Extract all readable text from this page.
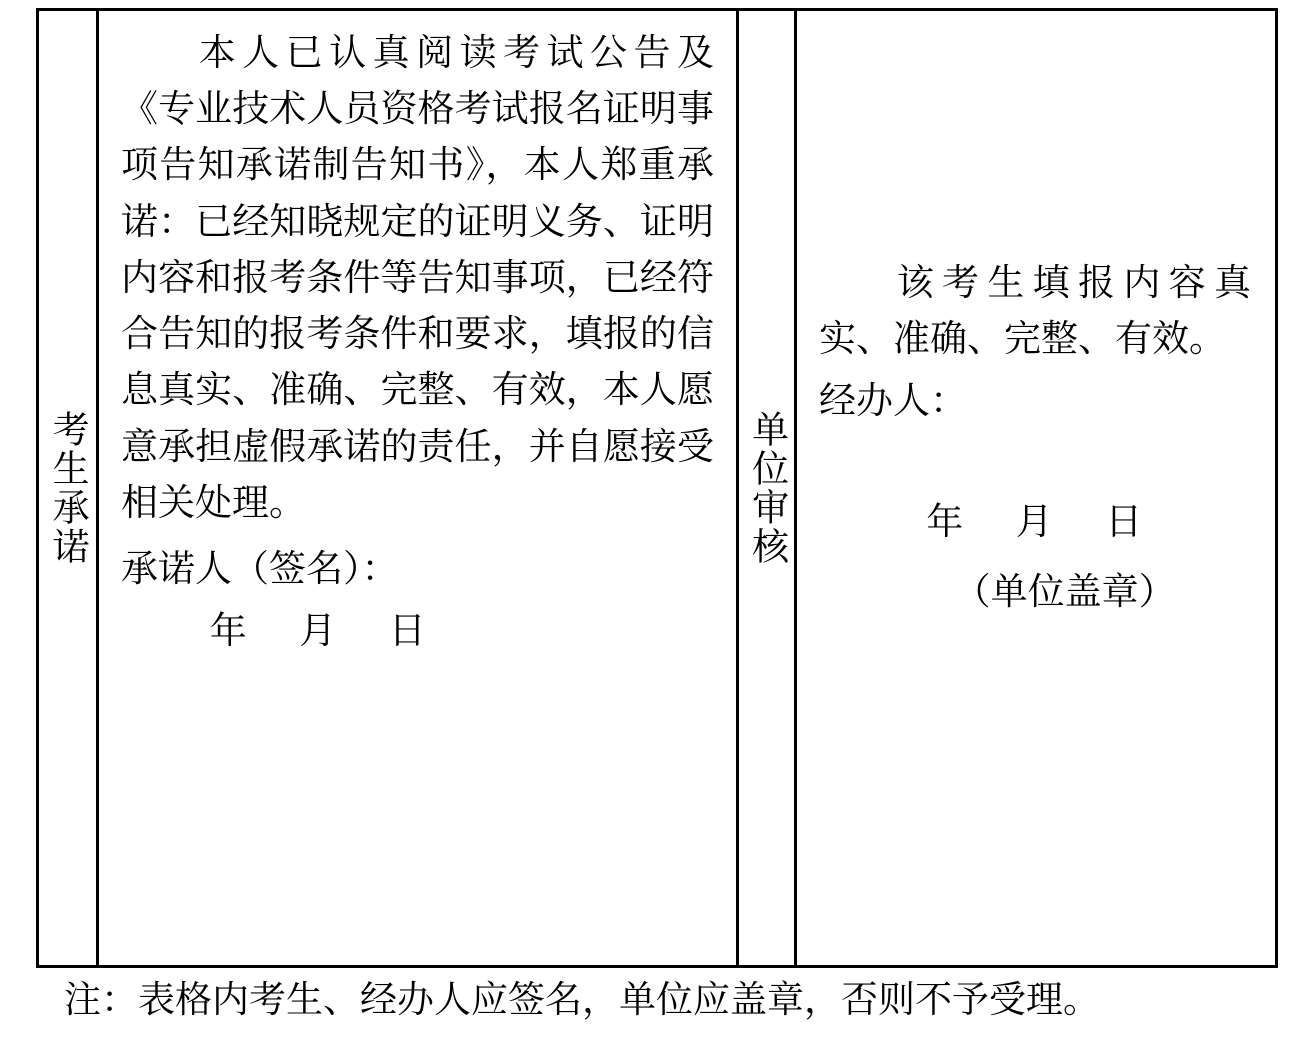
考生承诺

本人已认真阅读考试公告及《专业技术人员资格考试报名证明事项告知承诺制告知书》，本人郑重承诺：已经知晓规定的证明义务、证明内容和报考条件等告知事项，已经符合告知的报考条件和要求，填报的信息真实、准确、完整、有效，本人愿意承担虚假承诺的责任，并自愿接受相关处理。

承诺人（签名）：

年 月 日

单位审核

该考生填报内容真实、准确、完整、有效。

经办人：

年 月 日

（单位盖章）

注：表格内考生、经办人应签名，单位应盖章，否则不予受理。
